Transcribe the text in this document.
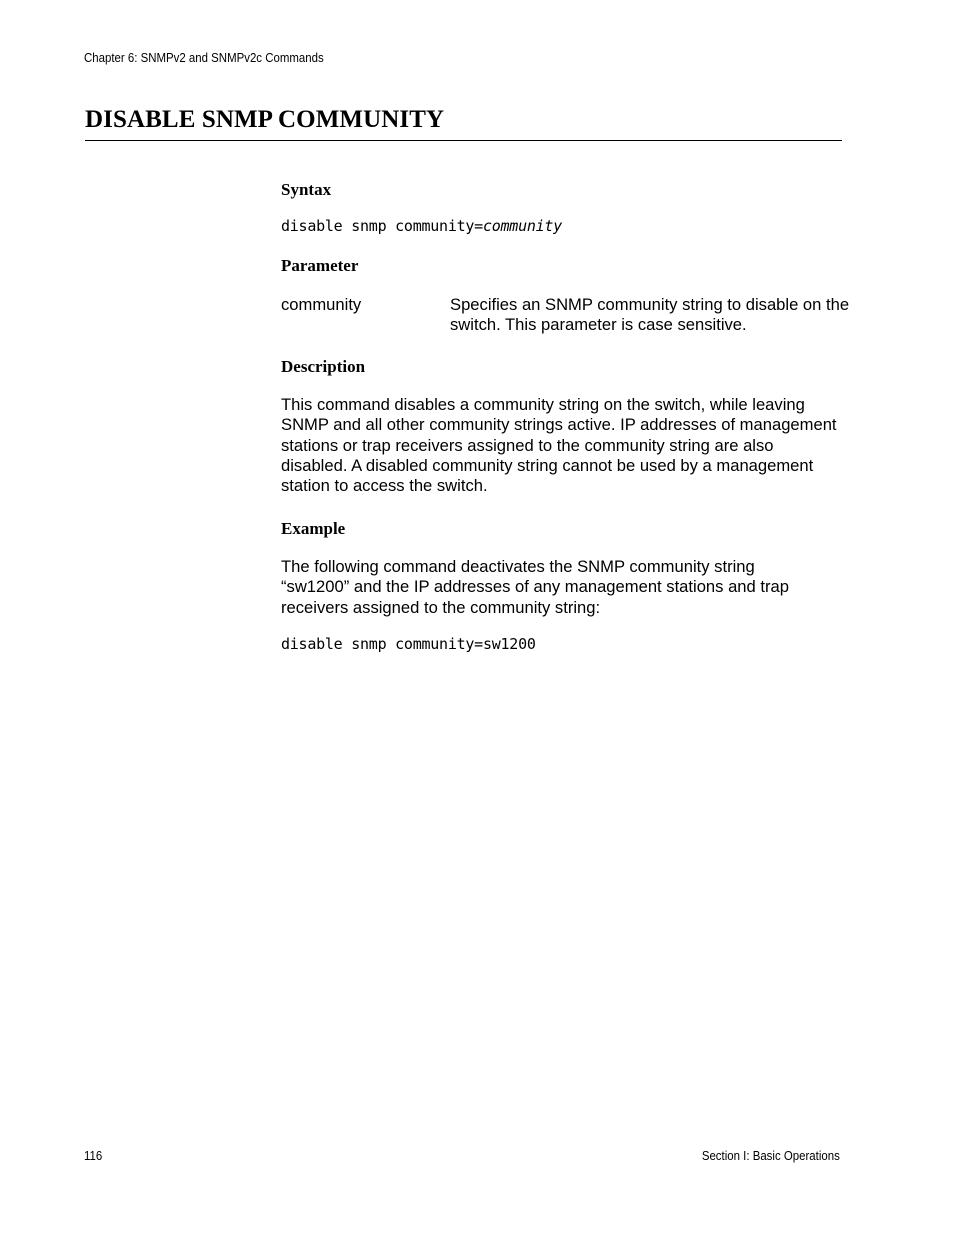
Chapter 6: SNMPv2 and SNMPv2c Commands
DISABLE SNMP COMMUNITY
Syntax
disable snmp community=community
Parameter
community	Specifies an SNMP community string to disable on the switch. This parameter is case sensitive.
Description

This command disables a community string on the switch, while leaving SNMP and all other community strings active. IP addresses of management stations or trap receivers assigned to the community string are also disabled. A disabled community string cannot be used by a management station to access the switch.

Example

The following command deactivates the SNMP community string “sw1200” and the IP addresses of any management stations and trap receivers assigned to the community string:

disable snmp community=sw1200
116	Section I: Basic Operations
